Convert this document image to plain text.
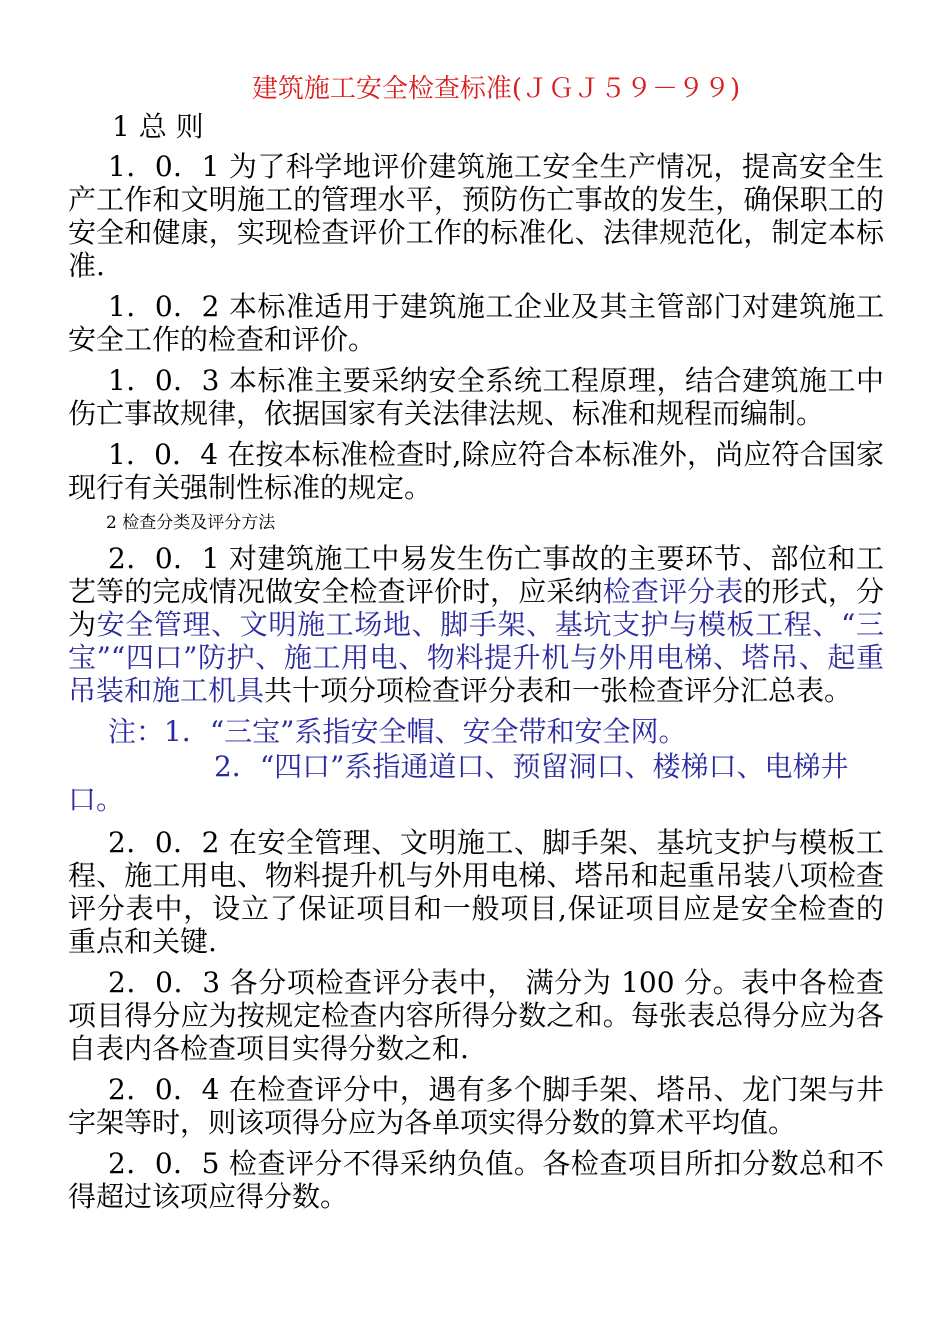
建筑施工安全检查标准(ＪＧＪ５９－９９)
1 总 则

1．0．1 为了科学地评价建筑施工安全生产情况，提高安全生产工作和文明施工的管理水平，预防伤亡事故的发生，确保职工的安全和健康，实现检查评价工作的标准化、法律规范化，制定本标准.

1．0．2 本标准适用于建筑施工企业及其主管部门对建筑施工安全工作的检查和评价。

1．0．3 本标准主要采纳安全系统工程原理，结合建筑施工中伤亡事故规律，依据国家有关法律法规、标准和规程而编制。

1．0．4 在按本标准检查时,除应符合本标准外，尚应符合国家现行有关强制性标准的规定。

2 检查分类及评分方法

2．0．1 对建筑施工中易发生伤亡事故的主要环节、部位和工艺等的完成情况做安全检查评价时，应采纳检查评分表的形式，分为安全管理、文明施工场地、脚手架、基坑支护与模板工程、“三宝”“四口”防护、施工用电、物料提升机与外用电梯、塔吊、起重吊装和施工机具共十项分项检查评分表和一张检查评分汇总表。

注：1．“三宝”系指安全帽、安全带和安全网。

2．“四口”系指通道口、预留洞口、楼梯口、电梯井口。

2．0．2 在安全管理、文明施工、脚手架、基坑支护与模板工程、施工用电、物料提升机与外用电梯、塔吊和起重吊装八项检查评分表中，设立了保证项目和一般项目,保证项目应是安全检查的重点和关键.

2．0．3 各分项检查评分表中， 满分为 100 分。表中各检查项目得分应为按规定检查内容所得分数之和。每张表总得分应为各自表内各检查项目实得分数之和.

2．0．4 在检查评分中，遇有多个脚手架、塔吊、龙门架与井字架等时，则该项得分应为各单项实得分数的算术平均值。

2．0．5 检查评分不得采纳负值。各检查项目所扣分数总和不得超过该项应得分数。
